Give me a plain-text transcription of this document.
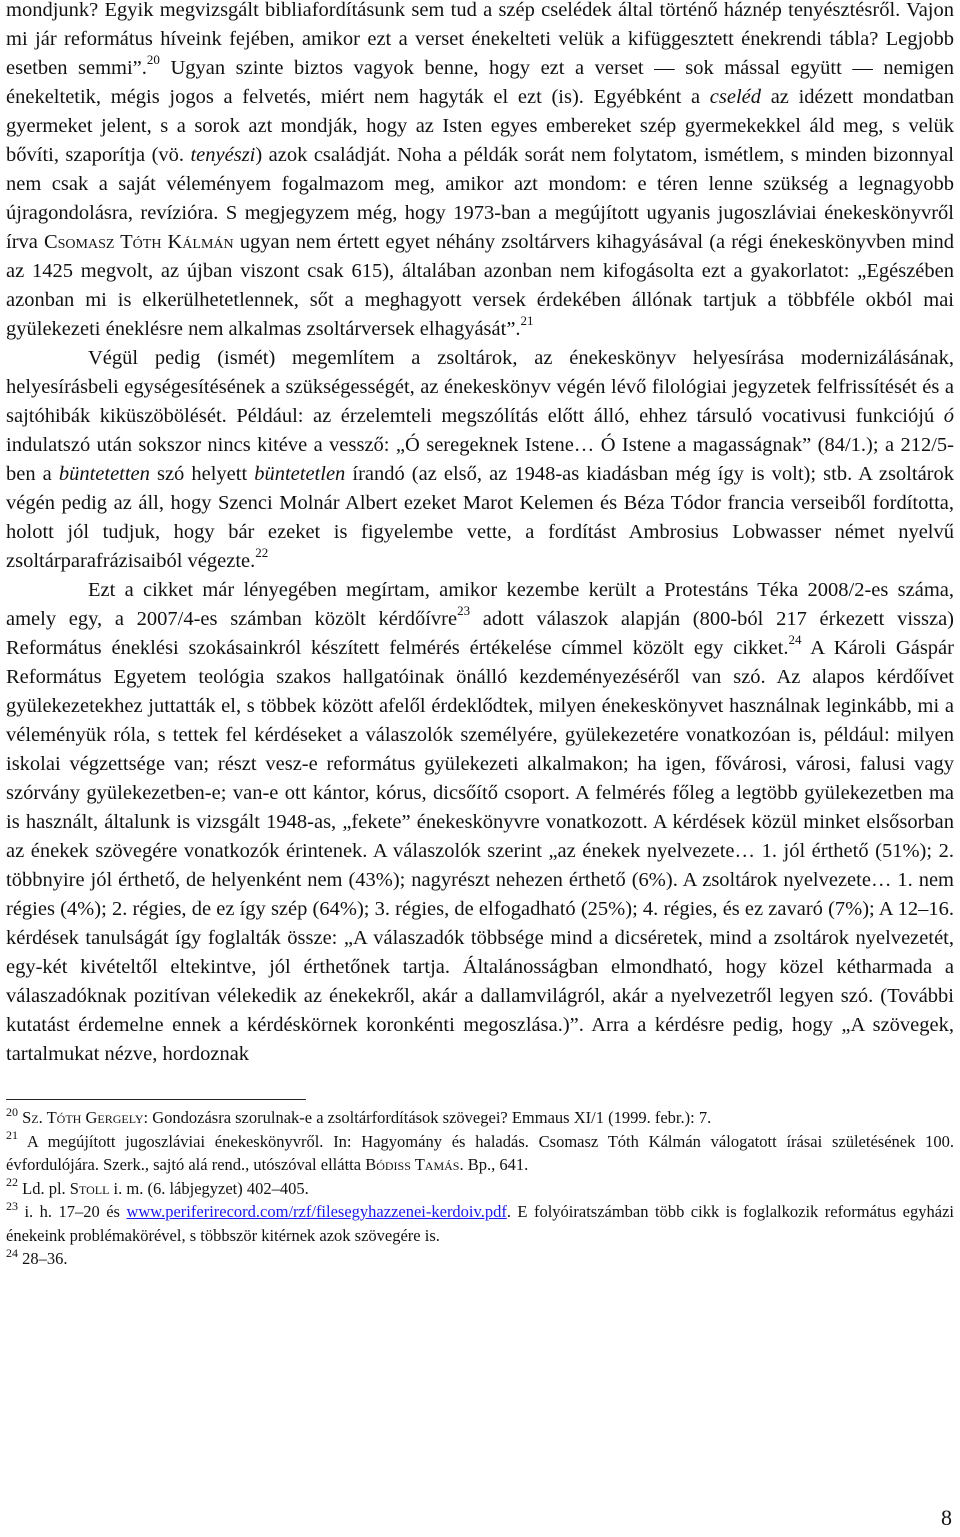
mondjunk? Egyik megvizsgált bibliafordításunk sem tud a szép cselédek által történő háznép tenyésztésről. Vajon mi jár református híveink fejében, amikor ezt a verset énekelteti velük a kifüggesztett énekrendi tábla? Legjobb esetben semmi”.$^{20}$ Ugyan szinte biztos vagyok benne, hogy ezt a verset — sok mással együtt — nemigen énekeltetik, mégis jogos a felvetés, miért nem hagyták el ezt (is). Egyébként a cseléd az idézett mondatban gyermeket jelent, s a sorok azt mondják, hogy az Isten egyes embereket szép gyermekekkel áld meg, s velük bővíti, szaporítja (vö. tenyészi) azok családját. Noha a példák sorát nem folytatom, ismétlem, s minden bizonnyal nem csak a saját véleményem fogalmazom meg, amikor azt mondom: e téren lenne szükség a legnagyobb újragondolásra, revízióra. S megjegyzem még, hogy 1973-ban a megújított ugyanis jugoszláviai énekeskönyvről írva Csomasz Tóth Kálmán ugyan nem értett egyet néhány zsoltárvers kihagyásával (a régi énekeskönyvben mind az 1425 megvolt, az újban viszont csak 615), általában azonban nem kifogásolta ezt a gyakorlatot: „Egészében azonban mi is elkerülhetetlennek, sőt a meghagyott versek érdekében állónak tartjuk a többféle okból mai gyülekezeti éneklésre nem alkalmas zsoltárversek elhagyását”.$^{21}$

Végül pedig (ismét) megemlítem a zsoltárok, az énekeskönyv helyesírása modernizálásának, helyesírásbeli egységesítésének a szükségességét, az énekeskönyv végén lévő filológiai jegyzetek felfrissítését és a sajtóhibák kiküszöbölését. Például: az érzelemteli megszólítás előtt álló, ehhez társuló vocativusi funkciójú ó indulatszó után sokszor nincs kitéve a vessző: „Ó seregeknek Istene… Ó Istene a magasságnak” (84/1.); a 212/5-ben a büntetetten szó helyett büntetetlen írandó (az első, az 1948-as kiadásban még így is volt); stb. A zsoltárok végén pedig az áll, hogy Szenci Molnár Albert ezeket Marot Kelemen és Béza Tódor francia verseiből fordította, holott jól tudjuk, hogy bár ezeket is figyelembe vette, a fordítást Ambrosius Lobwasser német nyelvű zsoltárparafrázisaiból végezte.$^{22}$

Ezt a cikket már lényegében megírtam, amikor kezembe került a Protestáns Téka 2008/2-es száma, amely egy, a 2007/4-es számban közölt kérdőívre$^{23}$ adott válaszok alapján (800-ból 217 érkezett vissza) Református éneklési szokásainkról készített felmérés értékelése címmel közölt egy cikket.$^{24}$ A Károli Gáspár Református Egyetem teológia szakos hallgatóinak önálló kezdeményezéséről van szó. Az alapos kérdőívet gyülekezetekhez juttatták el, s többek között afelől érdeklődtek, milyen énekeskönyvet használnak leginkább, mi a véleményük róla, s tettek fel kérdéseket a válaszolók személyére, gyülekezetére vonatkozóan is, például: milyen iskolai végzettsége van; részt vesz-e református gyülekezeti alkalmakon; ha igen, fővárosi, városi, falusi vagy szórvány gyülekezetben-e; van-e ott kántor, kórus, dicsőítő csoport. A felmérés főleg a legtöbb gyülekezetben ma is használt, általunk is vizsgált 1948-as, „fekete” énekeskönyvre vonatkozott. A kérdések közül minket elsősorban az énekek szövegére vonatkozók érintenek. A válaszolók szerint „az énekek nyelvezete… 1. jól érthető (51%); 2. többnyire jól érthető, de helyenként nem (43%); nagyrészt nehezen érthető (6%). A zsoltárok nyelvezete… 1. nem régies (4%); 2. régies, de ez így szép (64%); 3. régies, de elfogadható (25%); 4. régies, és ez zavaró (7%); A 12–16. kérdések tanulságát így foglalták össze: „A válaszadók többsége mind a dicséretek, mind a zsoltárok nyelvezetét, egy-két kivételtől eltekintve, jól érthetőnek tartja. Általánosságban elmondható, hogy közel kétharmada a válaszadóknak pozitívan vélekedik az énekekről, akár a dallamvilágról, akár a nyelvezetről legyen szó. (További kutatást érdemelne ennek a kérdéskörnek koronkénti megoszlása.)”. Arra a kérdésre pedig, hogy „A szövegek, tartalmukat nézve, hordoznak

$^{20}$ Sz. Tóth Gergely: Gondozásra szorulnak-e a zsoltárfordítások szövegei? Emmaus XI/1 (1999. febr.): 7.

$^{21}$ A megújított jugoszláviai énekeskönyvről. In: Hagyomány és haladás. Csomasz Tóth Kálmán válogatott írásai születésének 100. évfordulójára. Szerk., sajtó alá rend., utószóval ellátta Bódiss Tamás. Bp., 641.

$^{22}$ Ld. pl. Stoll i. m. (6. lábjegyzet) 402–405.

$^{23}$ i. h. 17–20 és www.periferirecord.com/rzf/filesegyhazzenei-kerdoiv.pdf. E folyóiratszámban több cikk is foglalkozik református egyházi énekeink problémakörével, s többször kitérnek azok szövegére is.

$^{24}$ 28–36.

8
